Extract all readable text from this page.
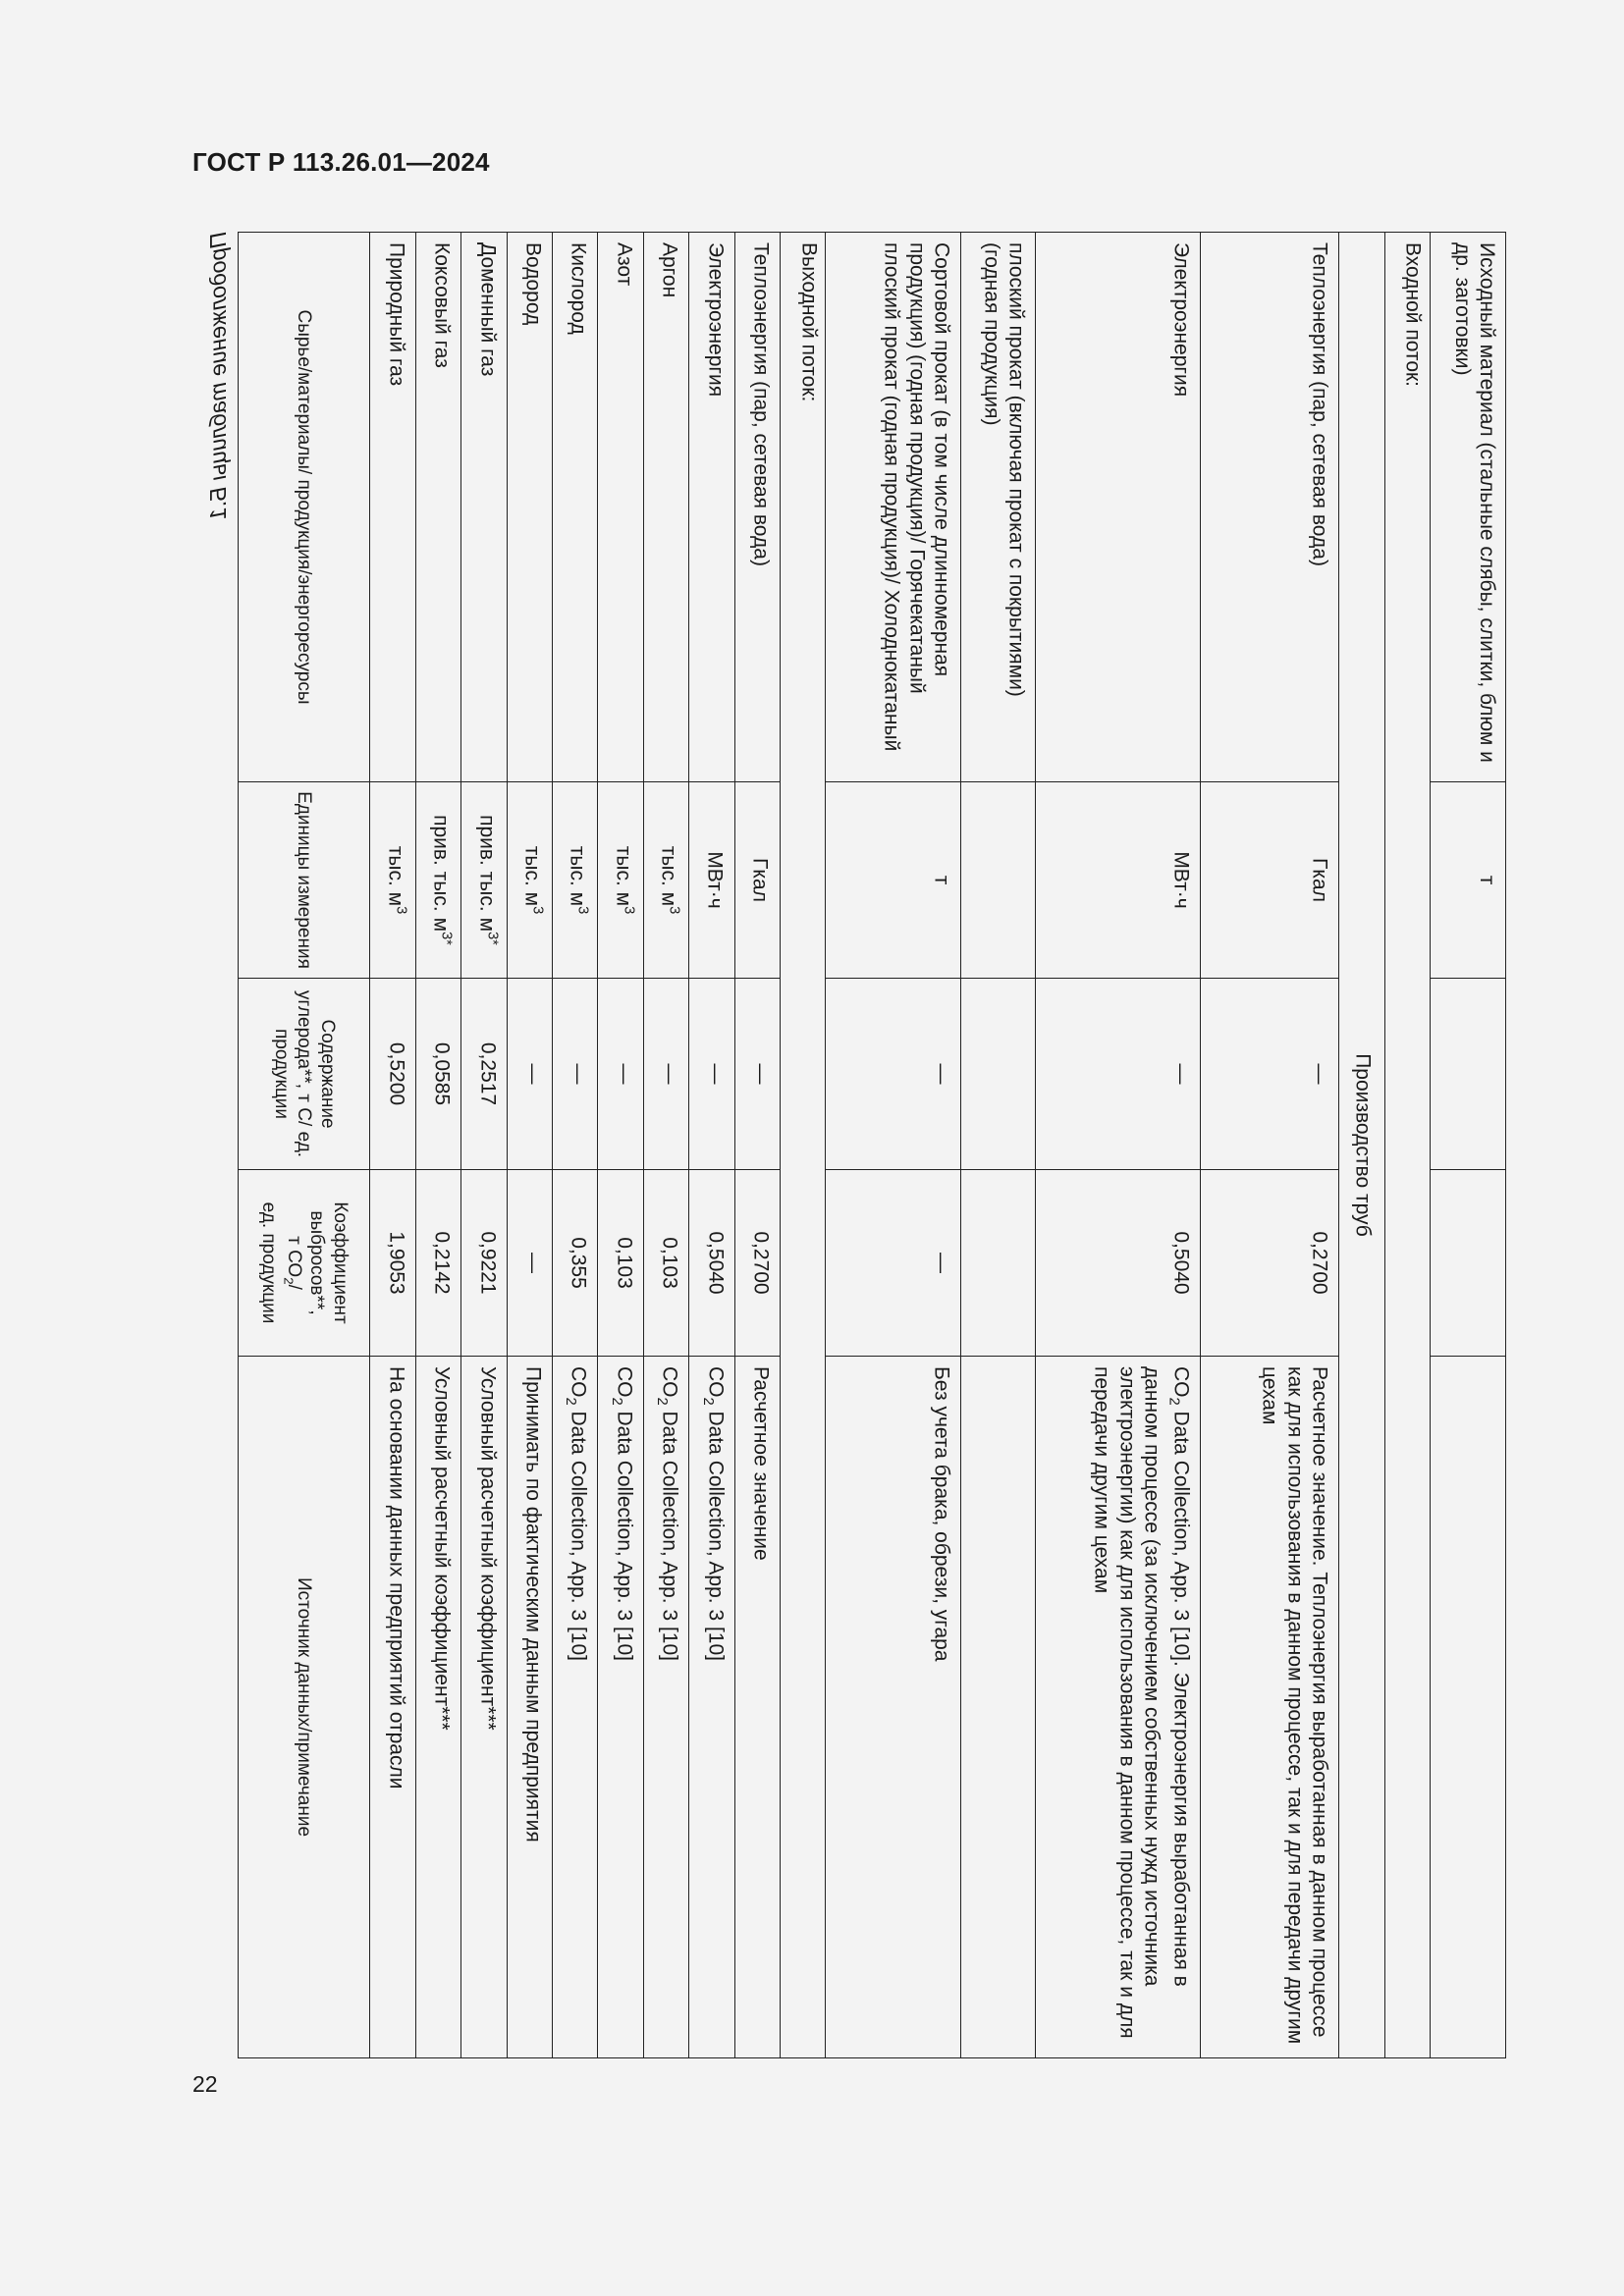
ГОСТ Р 113.26.01—2024
22
Сырье/материалы/ продукция/энергоресурсы	Единицы измерения	Содержание углерода**, т С/ ед. продукции	Коэффициент выбросов**,
т $СО_2/$
ед. продукции	Источник данных/примечание
Природный газ	тыс. $м^3$	0,5200	1,9053	На основании данных предприятий отрасли
Коксовый газ	прив. тыс. $м^{3*}$	0,0585	0,2142	Условный расчетный коэффициент***
Доменный газ	прив. тыс. $м^{3*}$	0,2517	0,9221	Условный расчетный коэффициент***
Водород	тыс. $м^3$	—	—	Принимать по фактическим данным предприятия
Кислород	тыс. $м^3$	—	0,355	$CO_2$ Data Collection, App. 3 [10]
Азот	тыс. $м^3$	—	0,103	$CO_2$ Data Collection, App. 3 [10]
Аргон	тыс. $м^3$	—	0,103	$CO_2$ Data Collection, App. 3 [10]
Электроэнергия	МВт·ч	—	0,5040	$CO_2$ Data Collection, App. 3 [10]
Теплоэнергия (пар, сетевая вода)	Гкал	—	0,2700	Расчетное значение
Выходной поток:				
Сортовой прокат (в том числе длинномерная продукция) (годная продукция)/ Горячекатаный плоский прокат (годная продукция)/ Холоднокатаный	т	—	—	Без учета брака, обрези, угара
плоский прокат (включая прокат с покрытиями) (годная продукция)				
Электроэнергия	МВт·ч	—	0,5040	$CO_2$ Data Collection, App. 3 [10]. Электроэнергия выработанная в данном процессе (за исключением собственных нужд источника электроэнергии) как для использования в данном процессе, так и для передачи другим цехам
Теплоэнергия (пар, сетевая вода)	Гкал	—	0,2700	Расчетное значение. Теплоэнергия выработанная в данном процессе как для использования в данном процессе, так и для передачи другим цехам
Производство труб				
Входной поток:				
Исходный материал (стальные слябы, слитки, блюм и др. заготовки)	т			
Продолжение таблицы Б.1
